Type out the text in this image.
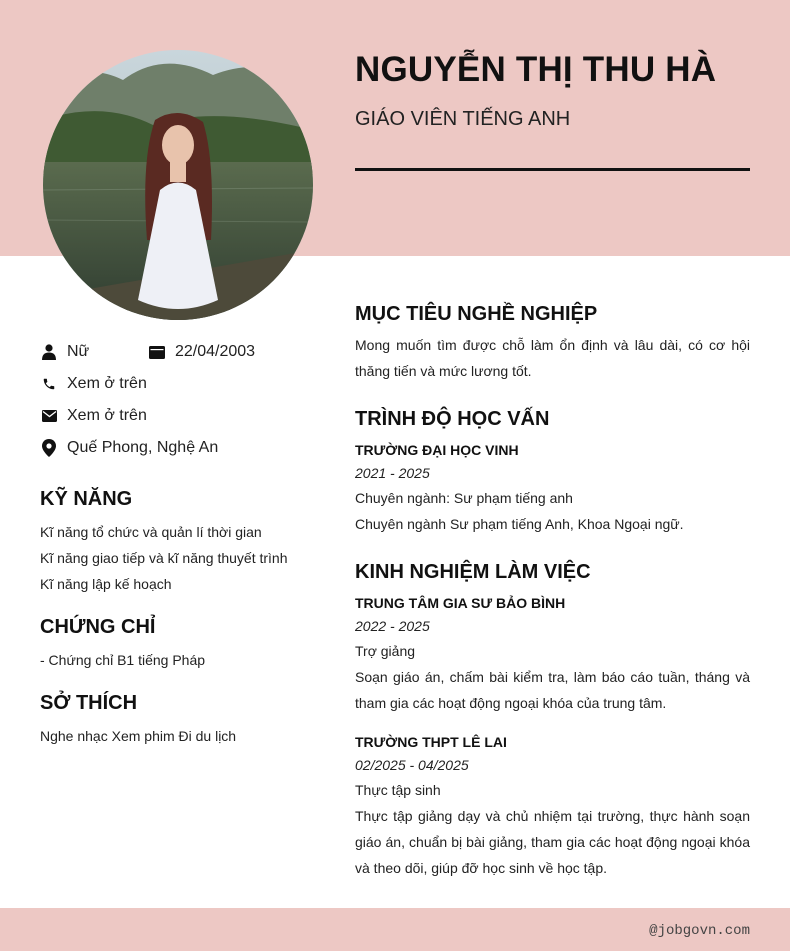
NGUYỄN THỊ THU HÀ
GIÁO VIÊN TIẾNG ANH
Nữ	22/04/2003
Xem ở trên
Xem ở trên
Quế Phong, Nghệ An
KỸ NĂNG
Kĩ năng tổ chức và quản lí thời gian
Kĩ năng giao tiếp và kĩ năng thuyết trình
Kĩ năng lập kế hoạch
CHỨNG CHỈ
- Chứng chỉ B1 tiếng Pháp
SỞ THÍCH
Nghe nhạc Xem phim Đi du lịch
MỤC TIÊU NGHỀ NGHIỆP
Mong muốn tìm được chỗ làm ổn định và lâu dài, có cơ hội thăng tiến và mức lương tốt.
TRÌNH ĐỘ HỌC VẤN
TRƯỜNG ĐẠI HỌC VINH
2021 - 2025
Chuyên ngành: Sư phạm tiếng anh
Chuyên ngành Sư phạm tiếng Anh, Khoa Ngoại ngữ.
KINH NGHIỆM LÀM VIỆC
TRUNG TÂM GIA SƯ BẢO BÌNH
2022 - 2025
Trợ giảng
Soạn giáo án, chấm bài kiểm tra, làm báo cáo tuần, tháng và tham gia các hoạt động ngoại khóa của trung tâm.
TRƯỜNG THPT LÊ LAI
02/2025 - 04/2025
Thực tập sinh
Thực tập giảng dạy và chủ nhiệm tại trường, thực hành soạn giáo án, chuẩn bị bài giảng, tham gia các hoạt động ngoại khóa và theo dõi, giúp đỡ học sinh về học tập.
@jobgovn.com
